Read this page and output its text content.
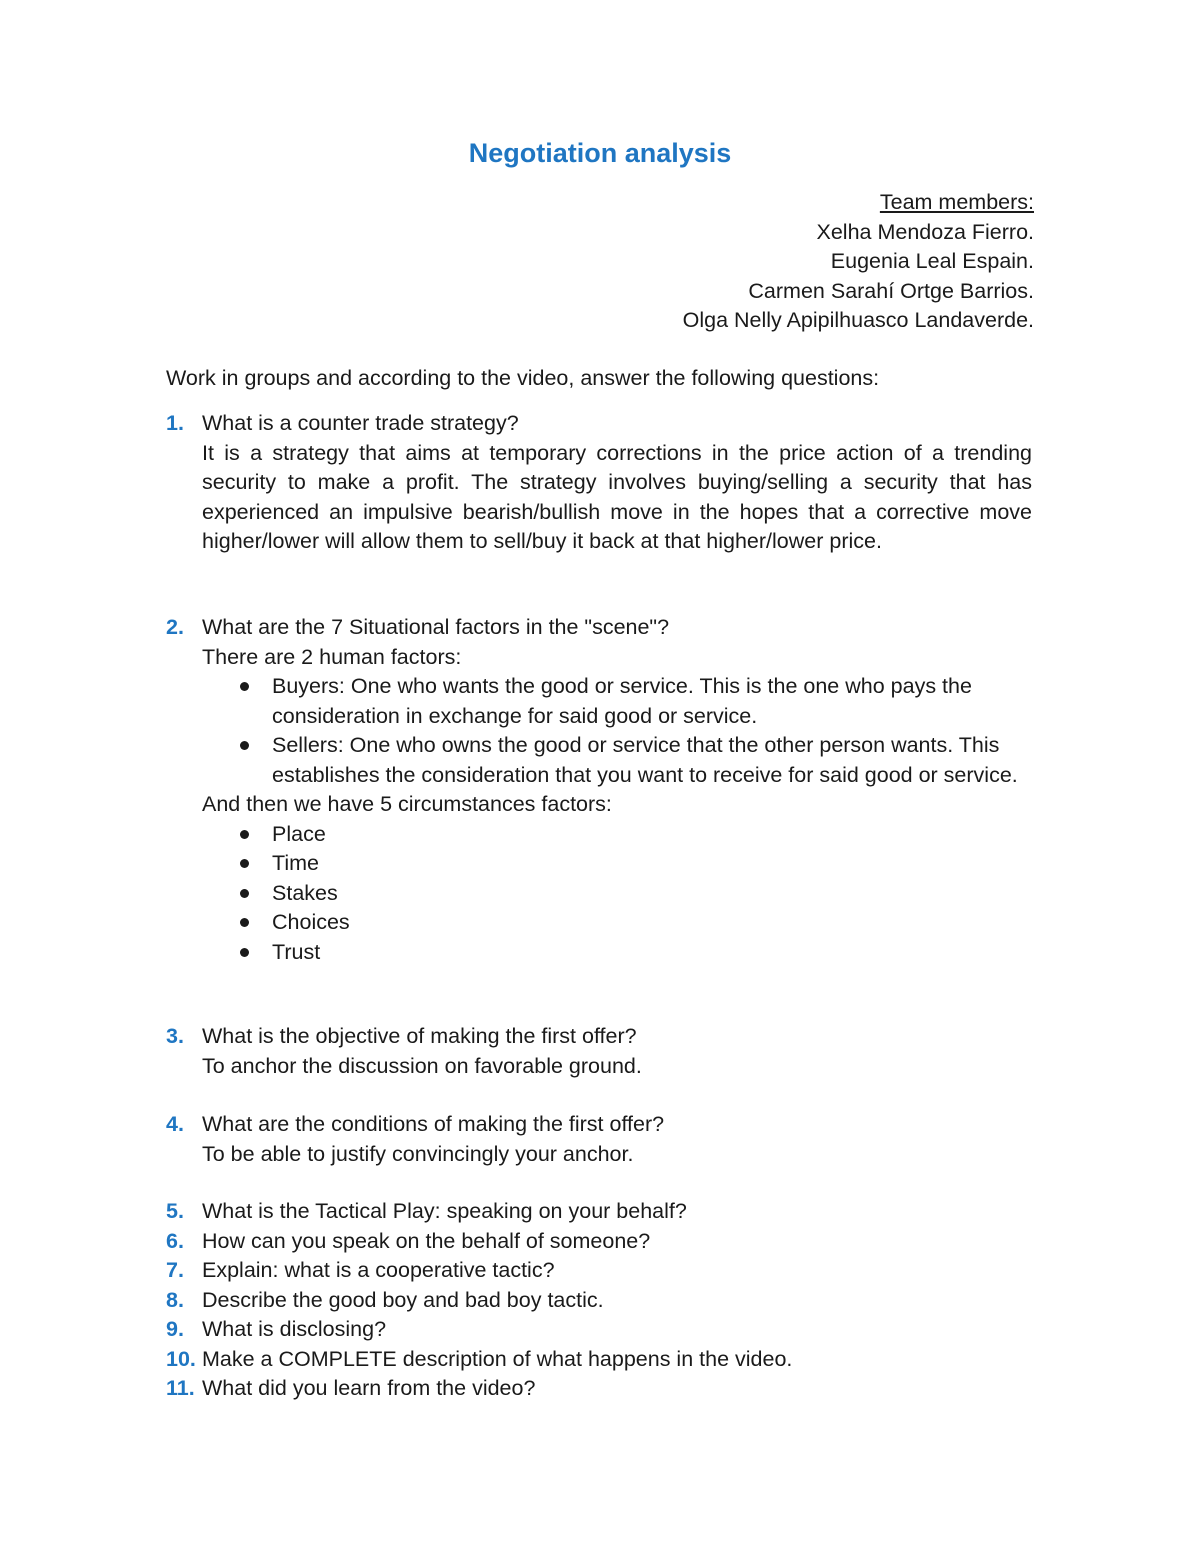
Negotiation analysis
Team members:
Xelha Mendoza Fierro.
Eugenia Leal Espain.
Carmen Sarahí Ortge Barrios.
Olga Nelly Apipilhuasco Landaverde.
Work in groups and according to the video, answer the following questions:
1. What is a counter trade strategy?
It is a strategy that aims at temporary corrections in the price action of a trending security to make a profit. The strategy involves buying/selling a security that has experienced an impulsive bearish/bullish move in the hopes that a corrective move higher/lower will allow them to sell/buy it back at that higher/lower price.
2. What are the 7 Situational factors in the "scene"?
There are 2 human factors:
Buyers: One who wants the good or service. This is the one who pays the consideration in exchange for said good or service.
Sellers: One who owns the good or service that the other person wants. This establishes the consideration that you want to receive for said good or service.
And then we have 5 circumstances factors:
Place
Time
Stakes
Choices
Trust
3. What is the objective of making the first offer?
To anchor the discussion on favorable ground.
4. What are the conditions of making the first offer?
To be able to justify convincingly your anchor.
5. What is the Tactical Play: speaking on your behalf?
6. How can you speak on the behalf of someone?
7. Explain: what is a cooperative tactic?
8. Describe the good boy and bad boy tactic.
9. What is disclosing?
10. Make a COMPLETE description of what happens in the video.
11. What did you learn from the video?
